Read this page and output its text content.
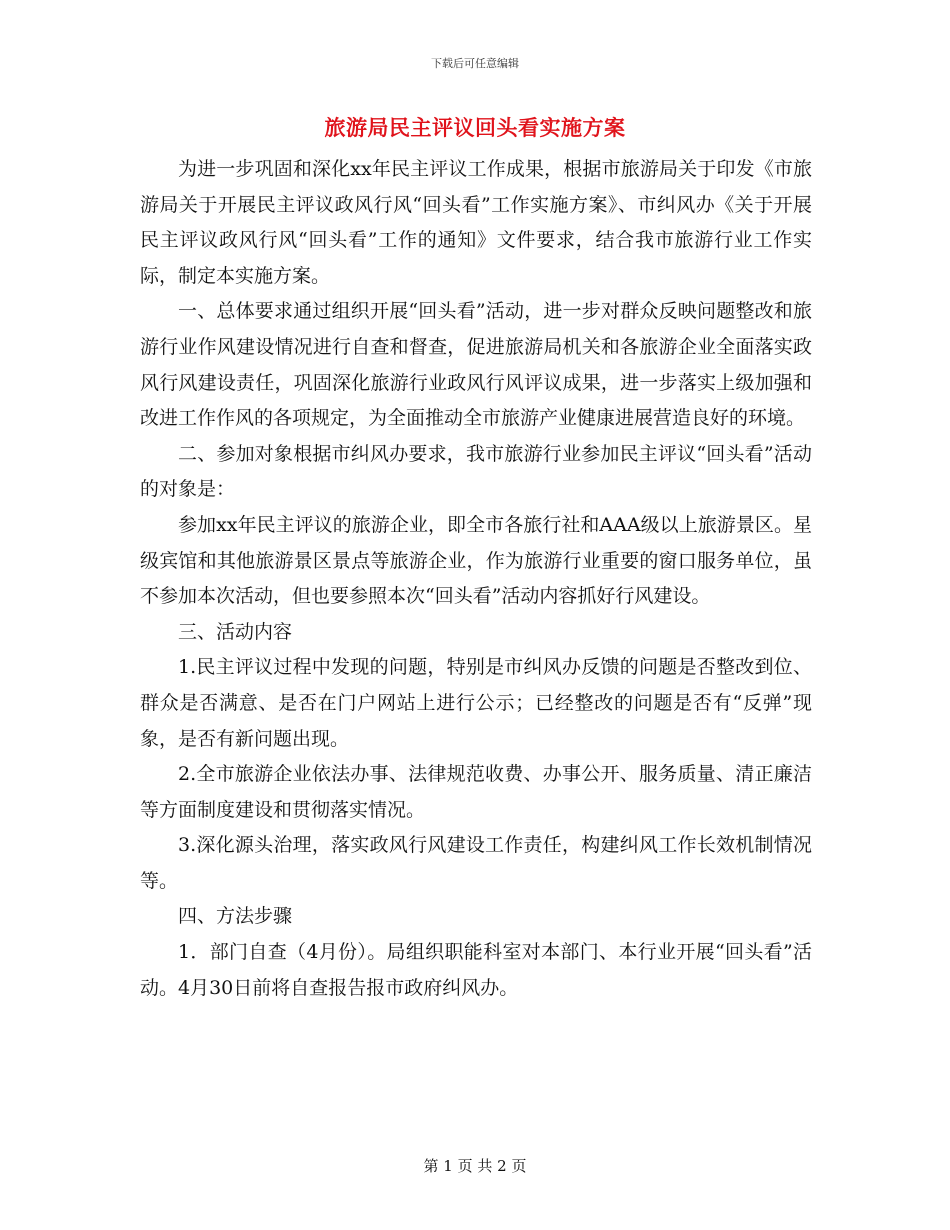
下载后可任意编辑
旅游局民主评议回头看实施方案

为进一步巩固和深化xx年民主评议工作成果，根据市旅游局关于印发《市旅游局关于开展民主评议政风行风“回头看”工作实施方案》、市纠风办《关于开展民主评议政风行风“回头看”工作的通知》文件要求，结合我市旅游行业工作实际，制定本实施方案。

一、总体要求通过组织开展“回头看”活动，进一步对群众反映问题整改和旅游行业作风建设情况进行自查和督查，促进旅游局机关和各旅游企业全面落实政风行风建设责任，巩固深化旅游行业政风行风评议成果，进一步落实上级加强和改进工作作风的各项规定，为全面推动全市旅游产业健康进展营造良好的环境。

二、参加对象根据市纠风办要求，我市旅游行业参加民主评议“回头看”活动的对象是：

参加xx年民主评议的旅游企业，即全市各旅行社和AAA级以上旅游景区。星级宾馆和其他旅游景区景点等旅游企业，作为旅游行业重要的窗口服务单位，虽不参加本次活动，但也要参照本次“回头看”活动内容抓好行风建设。

三、活动内容

1.民主评议过程中发现的问题，特别是市纠风办反馈的问题是否整改到位、群众是否满意、是否在门户网站上进行公示；已经整改的问题是否有“反弹”现象，是否有新问题出现。

2.全市旅游企业依法办事、法律规范收费、办事公开、服务质量、清正廉洁等方面制度建设和贯彻落实情况。

3.深化源头治理，落实政风行风建设工作责任，构建纠风工作长效机制情况等。

四、方法步骤

1．部门自查（4月份）。局组织职能科室对本部门、本行业开展“回头看”活动。4月30日前将自查报告报市政府纠风办。

第 1 页 共 2 页
